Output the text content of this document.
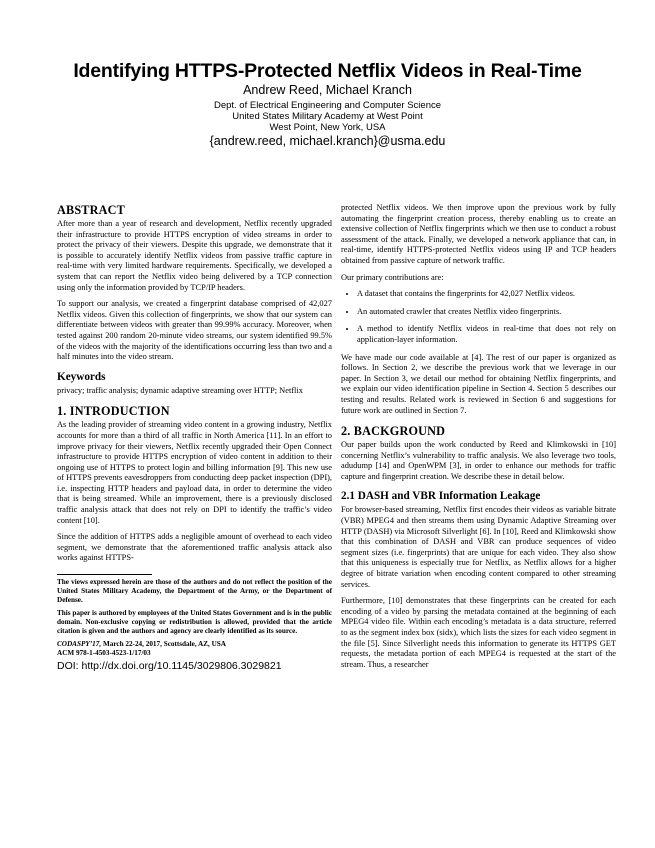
Identifying HTTPS-Protected Netflix Videos in Real-Time
Andrew Reed, Michael Kranch
Dept. of Electrical Engineering and Computer Science
United States Military Academy at West Point
West Point, New York, USA
{andrew.reed, michael.kranch}@usma.edu
ABSTRACT

After more than a year of research and development, Netflix recently upgraded their infrastructure to provide HTTPS encryption of video streams in order to protect the privacy of their viewers. Despite this upgrade, we demonstrate that it is possible to accurately identify Netflix videos from passive traffic capture in real-time with very limited hardware requirements. Specifically, we developed a system that can report the Netflix video being delivered by a TCP connection using only the information provided by TCP/IP headers.

To support our analysis, we created a fingerprint database comprised of 42,027 Netflix videos. Given this collection of fingerprints, we show that our system can differentiate between videos with greater than 99.99% accuracy. Moreover, when tested against 200 random 20-minute video streams, our system identified 99.5% of the videos with the majority of the identifications occurring less than two and a half minutes into the video stream.

Keywords

privacy; traffic analysis; dynamic adaptive streaming over HTTP; Netflix

1. INTRODUCTION

As the leading provider of streaming video content in a growing industry, Netflix accounts for more than a third of all traffic in North America [11]. In an effort to improve privacy for their viewers, Netflix recently upgraded their Open Connect infrastructure to provide HTTPS encryption of video content in addition to their ongoing use of HTTPS to protect login and billing information [9]. This new use of HTTPS prevents eavesdroppers from conducting deep packet inspection (DPI), i.e. inspecting HTTP headers and payload data, in order to determine the video that is being streamed. While an improvement, there is a previously disclosed traffic analysis attack that does not rely on DPI to identify the traffic’s video content [10].

Since the addition of HTTPS adds a negligible amount of overhead to each video segment, we demonstrate that the aforementioned traffic analysis attack also works against HTTPS-

The views expressed herein are those of the authors and do not reflect the position of the United States Military Academy, the Department of the Army, or the Department of Defense.

This paper is authored by employees of the United States Government and is in the public domain. Non-exclusive copying or redistribution is allowed, provided that the article citation is given and the authors and agency are clearly identified as its source.

CODASPY’17, March 22-24, 2017, Scottsdale, AZ, USA

ACM 978-1-4503-4523-1/17/03

DOI: http://dx.doi.org/10.1145/3029806.3029821

protected Netflix videos. We then improve upon the previous work by fully automating the fingerprint creation process, thereby enabling us to create an extensive collection of Netflix fingerprints which we then use to conduct a robust assessment of the attack. Finally, we developed a network appliance that can, in real-time, identify HTTPS-protected Netflix videos using IP and TCP headers obtained from passive capture of network traffic.

Our primary contributions are:

• A dataset that contains the fingerprints for 42,027 Netflix videos.
• An automated crawler that creates Netflix video fingerprints.
• A method to identify Netflix videos in real-time that does not rely on application-layer information.

We have made our code available at [4]. The rest of our paper is organized as follows. In Section 2, we describe the previous work that we leverage in our paper. In Section 3, we detail our method for obtaining Netflix fingerprints, and we explain our video identification pipeline in Section 4. Section 5 describes our testing and results. Related work is reviewed in Section 6 and suggestions for future work are outlined in Section 7.

2. BACKGROUND

Our paper builds upon the work conducted by Reed and Klimkowski in [10] concerning Netflix’s vulnerability to traffic analysis. We also leverage two tools, adudump [14] and OpenWPM [3], in order to enhance our methods for traffic capture and fingerprint creation. We describe these in detail below.

2.1 DASH and VBR Information Leakage

For browser-based streaming, Netflix first encodes their videos as variable bitrate (VBR) MPEG4 and then streams them using Dynamic Adaptive Streaming over HTTP (DASH) via Microsoft Silverlight [6]. In [10], Reed and Klimkowski show that this combination of DASH and VBR can produce sequences of video segment sizes (i.e. fingerprints) that are unique for each video. They also show that this uniqueness is especially true for Netflix, as Netflix allows for a higher degree of bitrate variation when encoding content compared to other streaming services.

Furthermore, [10] demonstrates that these fingerprints can be created for each encoding of a video by parsing the metadata contained at the beginning of each MPEG4 video file. Within each encoding’s metadata is a data structure, referred to as the segment index box (sidx), which lists the sizes for each video segment in the file [5]. Since Silverlight needs this information to generate its HTTPS GET requests, the metadata portion of each MPEG4 is requested at the start of the stream. Thus, a researcher
